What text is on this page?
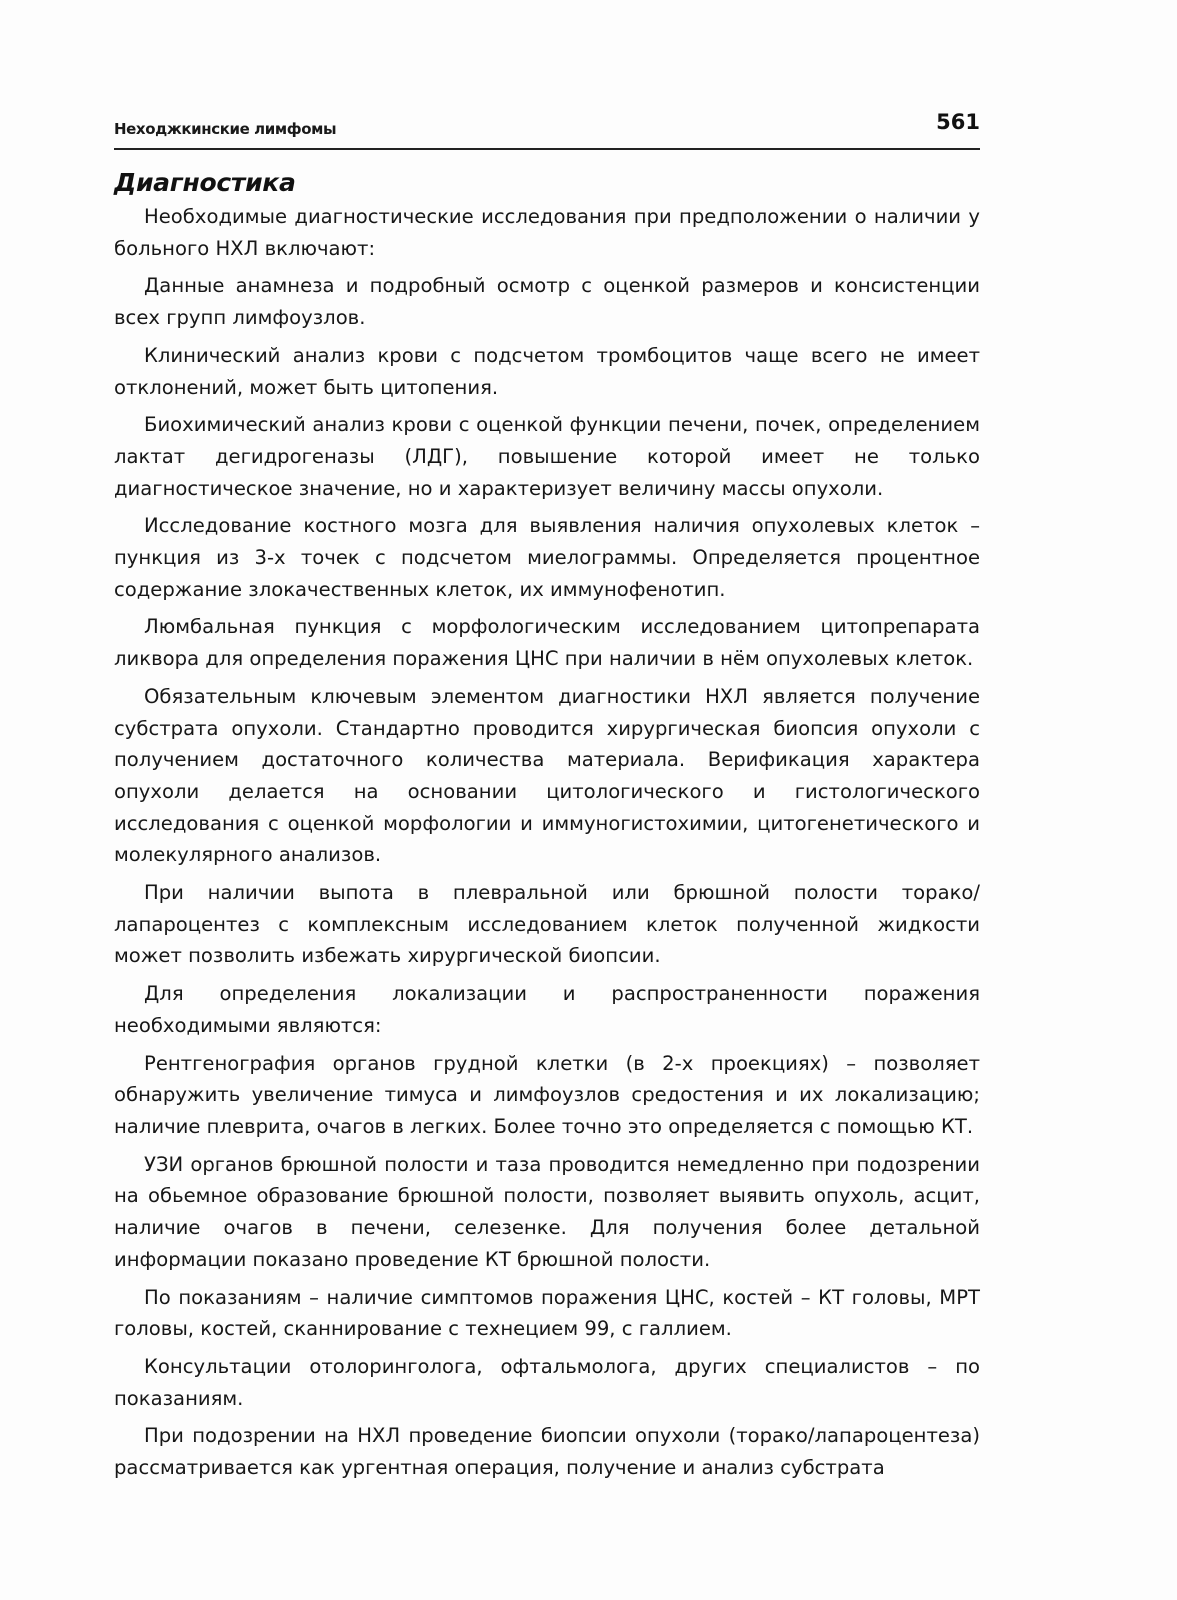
Неходжкинские лимфомы	561
Диагностика

Необходимые диагностические исследования при предположении о наличии у больного НХЛ включают:

Данные анамнеза и подробный осмотр с оценкой размеров и консистенции всех групп лимфоузлов.

Клинический анализ крови с подсчетом тромбоцитов чаще всего не имеет отклонений, может быть цитопения.

Биохимический анализ крови с оценкой функции печени, почек, определением лактат дегидрогеназы (ЛДГ), повышение которой имеет не только диагностическое значение, но и характеризует величину массы опухоли.

Исследование костного мозга для выявления наличия опухолевых клеток – пункция из 3-х точек с подсчетом миелограммы. Определяется процентное содержание злокачественных клеток, их иммунофенотип.

Люмбальная пункция с морфологическим исследованием цитопрепарата ликвора для определения поражения ЦНС при наличии в нём опухолевых клеток.

Обязательным ключевым элементом диагностики НХЛ является получение субстрата опухоли. Стандартно проводится хирургическая биопсия опухоли с получением достаточного количества материала. Верификация характера опухоли делается на основании цитологического и гистологического исследования с оценкой морфологии и иммуногистохимии, цитогенетического и молекулярного анализов.

При наличии выпота в плевральной или брюшной полости торако/лапароцентез с комплексным исследованием клеток полученной жидкости может позволить избежать хирургической биопсии.

Для определения локализации и распространенности поражения необходимыми являются:

Рентгенография органов грудной клетки (в 2-х проекциях) – позволяет обнаружить увеличение тимуса и лимфоузлов средостения и их локализацию; наличие плеврита, очагов в легких. Более точно это определяется с помощью КТ.

УЗИ органов брюшной полости и таза проводится немедленно при подозрении на обьемное образование брюшной полости, позволяет выявить опухоль, асцит, наличие очагов в печени, селезенке. Для получения более детальной информации показано проведение КТ брюшной полости.

По показаниям – наличие симптомов поражения ЦНС, костей – КТ головы, МРТ головы, костей, сканнирование с технецием 99, с галлием.

Консультации отолоринголога, офтальмолога, других специалистов – по показаниям.

При подозрении на НХЛ проведение биопсии опухоли (торако/лапароцентеза) рассматривается как ургентная операция, получение и анализ субстрата
